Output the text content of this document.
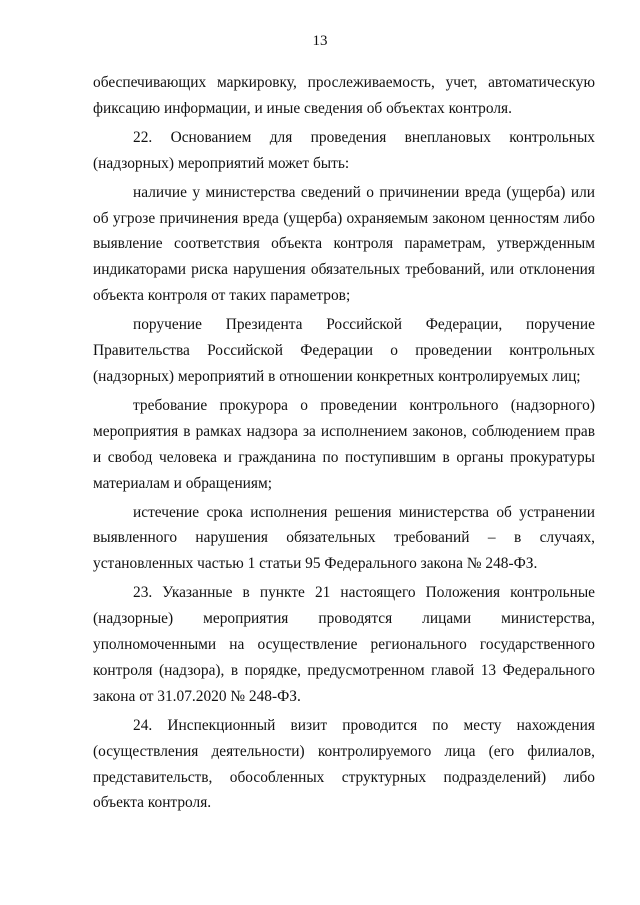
13

обеспечивающих маркировку, прослеживаемость, учет, автоматическую фиксацию информации, и иные сведения об объектах контроля.

22. Основанием для проведения внеплановых контрольных (надзорных) мероприятий может быть:

наличие у министерства сведений о причинении вреда (ущерба) или об угрозе причинения вреда (ущерба) охраняемым законом ценностям либо выявление соответствия объекта контроля параметрам, утвержденным индикаторами риска нарушения обязательных требований, или отклонения объекта контроля от таких параметров;

поручение Президента Российской Федерации, поручение Правительства Российской Федерации о проведении контрольных (надзорных) мероприятий в отношении конкретных контролируемых лиц;

требование прокурора о проведении контрольного (надзорного) мероприятия в рамках надзора за исполнением законов, соблюдением прав и свобод человека и гражданина по поступившим в органы прокуратуры материалам и обращениям;

истечение срока исполнения решения министерства об устранении выявленного нарушения обязательных требований – в случаях, установленных частью 1 статьи 95 Федерального закона № 248-ФЗ.

23. Указанные в пункте 21 настоящего Положения контрольные (надзорные) мероприятия проводятся лицами министерства, уполномоченными на осуществление регионального государственного контроля (надзора), в порядке, предусмотренном главой 13 Федерального закона от 31.07.2020 № 248-ФЗ.

24. Инспекционный визит проводится по месту нахождения (осуществления деятельности) контролируемого лица (его филиалов, представительств, обособленных структурных подразделений) либо объекта контроля.
